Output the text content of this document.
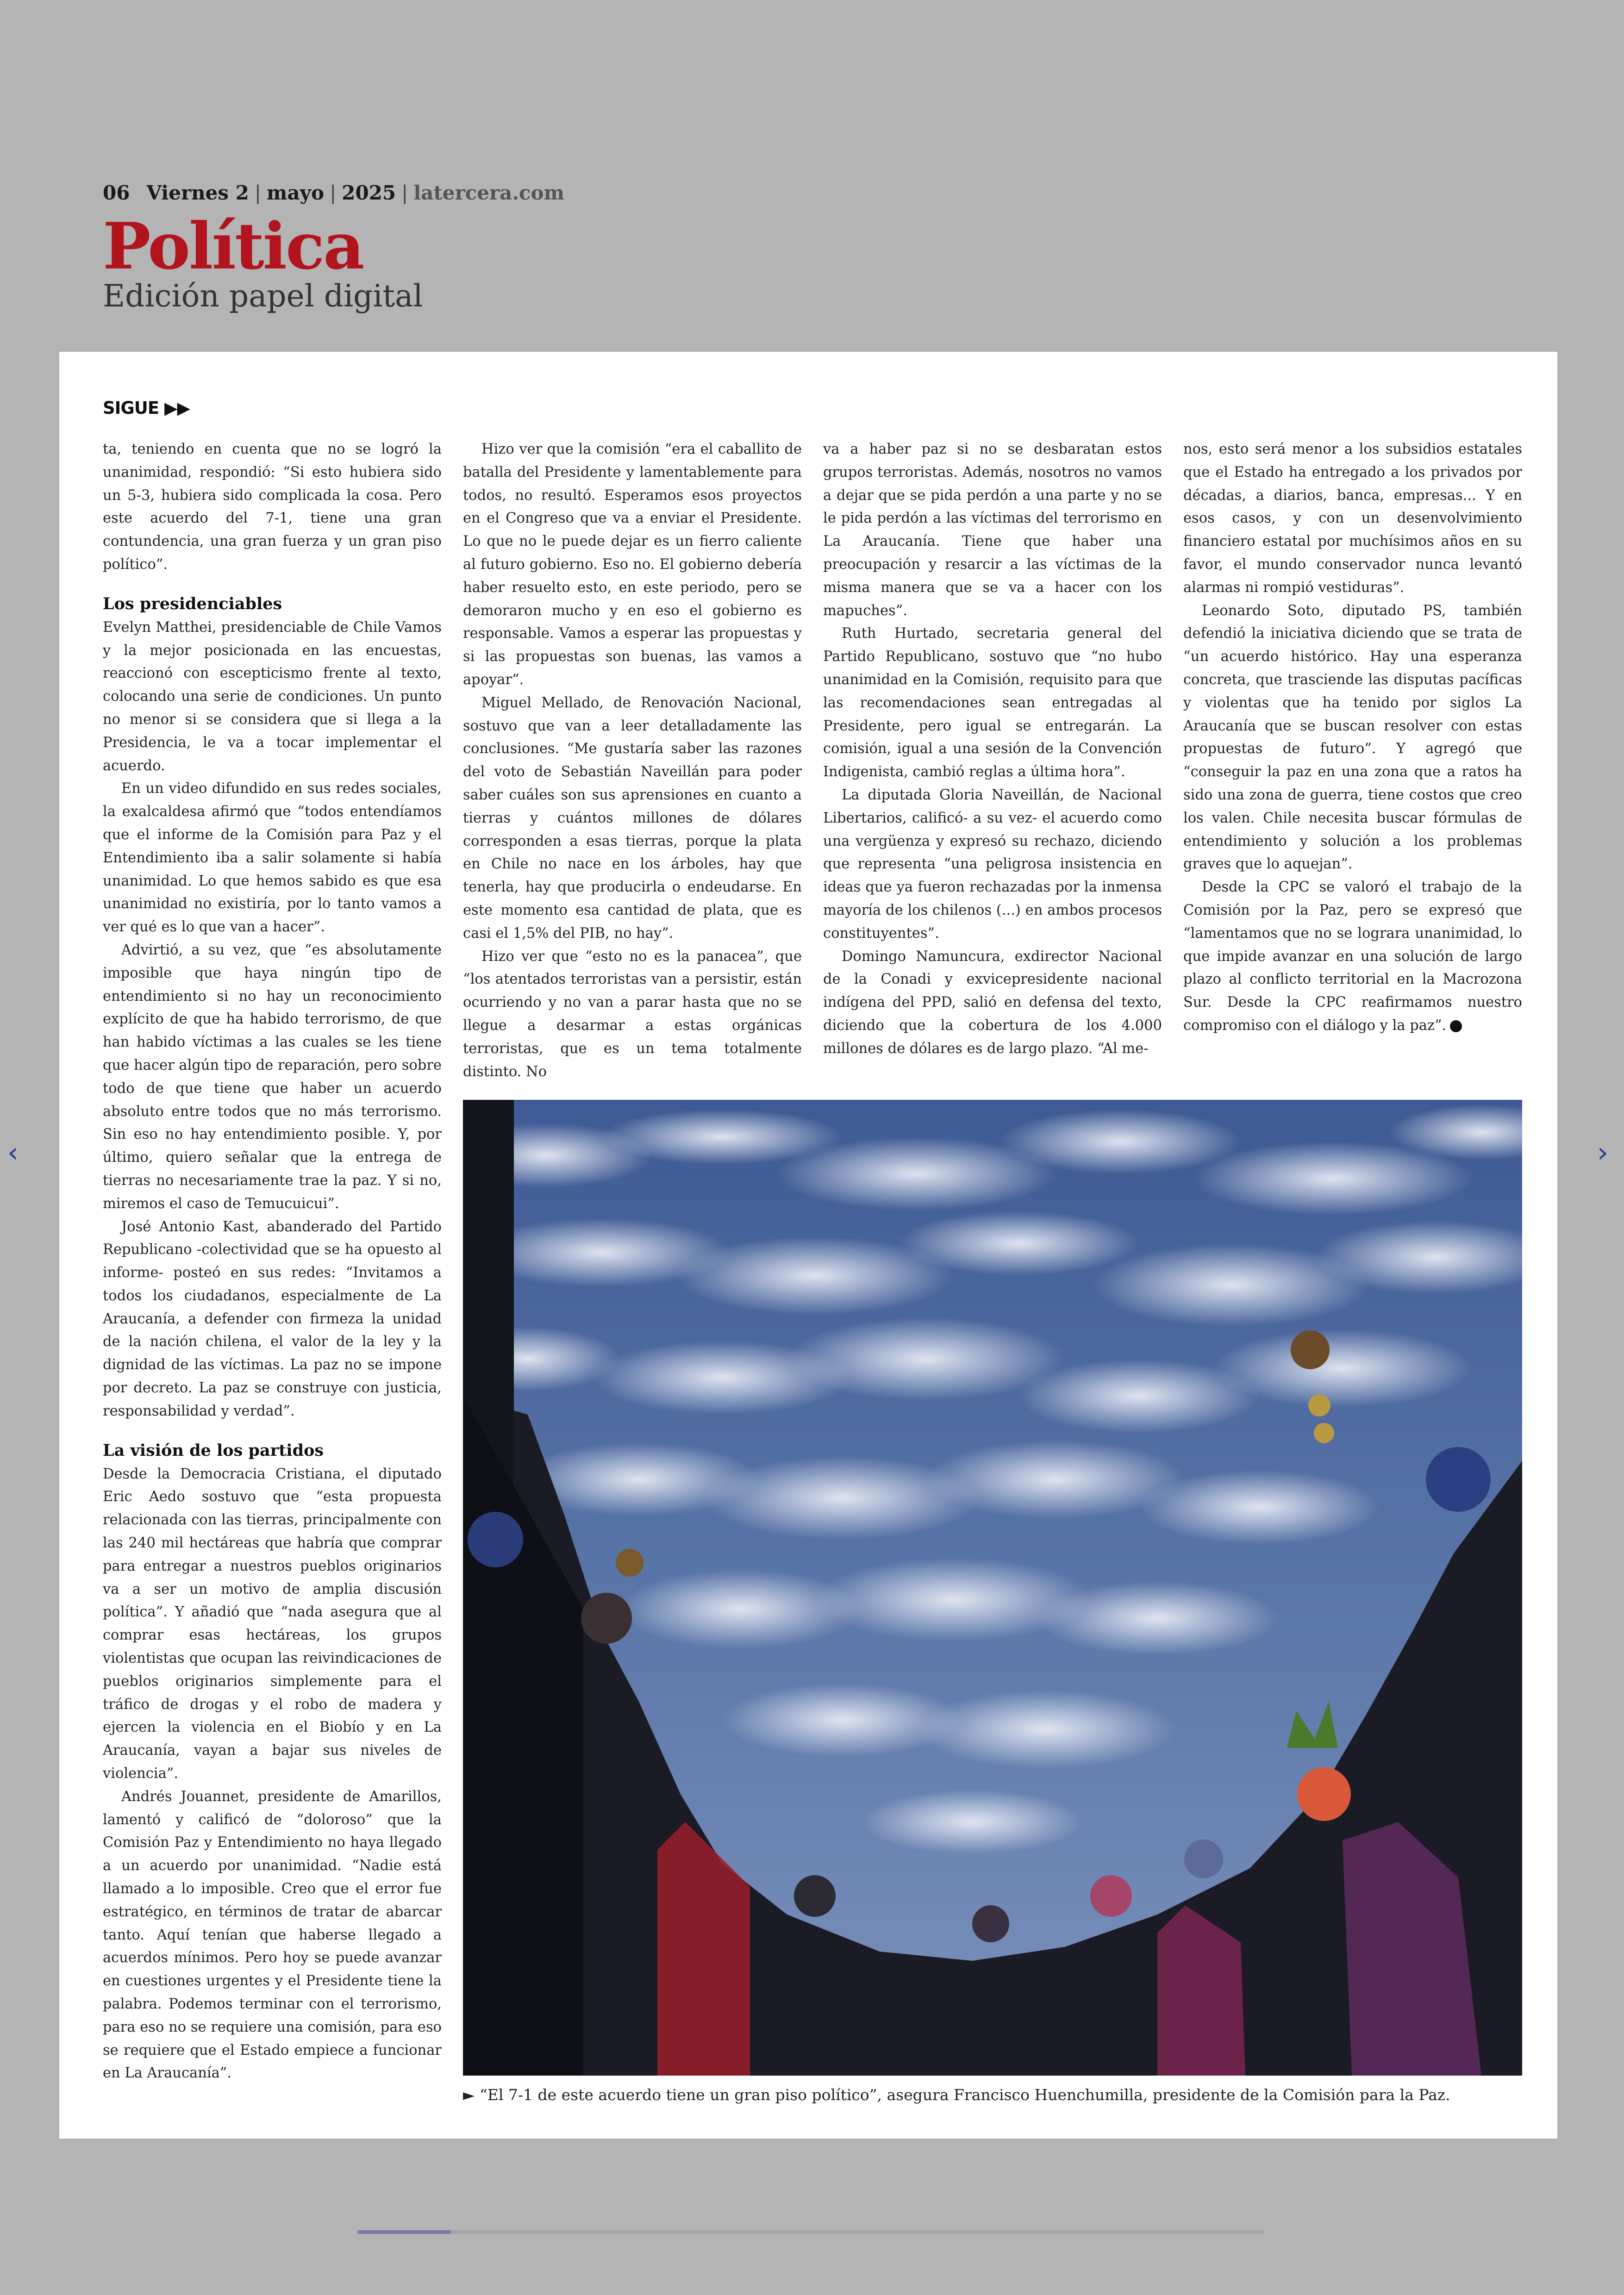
06 Viernes 2 | mayo | 2025 | latercera.com
Política
Edición papel digital
SIGUE ▶▶

ta, teniendo en cuenta que no se logró la unanimidad, respondió: “Si esto hubiera sido un 5-3, hubiera sido complicada la cosa. Pero este acuerdo del 7-1, tiene una gran contundencia, una gran fuerza y un gran piso político”.

Los presidenciables

Evelyn Matthei, presidenciable de Chile Vamos y la mejor posicionada en las encuestas, reaccionó con escepticismo frente al texto, colocando una serie de condiciones. Un punto no menor si se considera que si llega a la Presidencia, le va a tocar implementar el acuerdo.

En un video difundido en sus redes sociales, la exalcaldesa afirmó que “todos entendíamos que el informe de la Comisión para Paz y el Entendimiento iba a salir solamente si había unanimidad. Lo que hemos sabido es que esa unanimidad no existiría, por lo tanto vamos a ver qué es lo que van a hacer”.

Advirtió, a su vez, que “es absolutamente imposible que haya ningún tipo de entendimiento si no hay un reconocimiento explícito de que ha habido terrorismo, de que han habido víctimas a las cuales se les tiene que hacer algún tipo de reparación, pero sobre todo de que tiene que haber un acuerdo absoluto entre todos que no más terrorismo. Sin eso no hay entendimiento posible. Y, por último, quiero señalar que la entrega de tierras no necesariamente trae la paz. Y si no, miremos el caso de Temucuicui”.

José Antonio Kast, abanderado del Partido Republicano -colectividad que se ha opuesto al informe- posteó en sus redes: “Invitamos a todos los ciudadanos, especialmente de La Araucanía, a defender con firmeza la unidad de la nación chilena, el valor de la ley y la dignidad de las víctimas. La paz no se impone por decreto. La paz se construye con justicia, responsabilidad y verdad”.

La visión de los partidos

Desde la Democracia Cristiana, el diputado Eric Aedo sostuvo que “esta propuesta relacionada con las tierras, principalmente con las 240 mil hectáreas que habría que comprar para entregar a nuestros pueblos originarios va a ser un motivo de amplia discusión política”. Y añadió que “nada asegura que al comprar esas hectáreas, los grupos violentistas que ocupan las reivindicaciones de pueblos originarios simplemente para el tráfico de drogas y el robo de madera y ejercen la violencia en el Biobío y en La Araucanía, vayan a bajar sus niveles de violencia”.

Andrés Jouannet, presidente de Amarillos, lamentó y calificó de “doloroso” que la Comisión Paz y Entendimiento no haya llegado a un acuerdo por unanimidad. “Nadie está llamado a lo imposible. Creo que el error fue estratégico, en términos de tratar de abarcar tanto. Aquí tenían que haberse llegado a acuerdos mínimos. Pero hoy se puede avanzar en cuestiones urgentes y el Presidente tiene la palabra. Podemos terminar con el terrorismo, para eso no se requiere una comisión, para eso se requiere que el Estado empiece a funcionar en La Araucanía”.

Hizo ver que la comisión “era el caballito de batalla del Presidente y lamentablemente para todos, no resultó. Esperamos esos proyectos en el Congreso que va a enviar el Presidente. Lo que no le puede dejar es un fierro caliente al futuro gobierno. Eso no. El gobierno debería haber resuelto esto, en este periodo, pero se demoraron mucho y en eso el gobierno es responsable. Vamos a esperar las propuestas y si las propuestas son buenas, las vamos a apoyar”.

Miguel Mellado, de Renovación Nacional, sostuvo que van a leer detalladamente las conclusiones. “Me gustaría saber las razones del voto de Sebastián Naveillán para poder saber cuáles son sus aprensiones en cuanto a tierras y cuántos millones de dólares corresponden a esas tierras, porque la plata en Chile no nace en los árboles, hay que tenerla, hay que producirla o endeudarse. En este momento esa cantidad de plata, que es casi el 1,5% del PIB, no hay”.

Hizo ver que “esto no es la panacea”, que “los atentados terroristas van a persistir, están ocurriendo y no van a parar hasta que no se llegue a desarmar a estas orgánicas terroristas, que es un tema totalmente distinto. No

va a haber paz si no se desbaratan estos grupos terroristas. Además, nosotros no vamos a dejar que se pida perdón a una parte y no se le pida perdón a las víctimas del terrorismo en La Araucanía. Tiene que haber una preocupación y resarcir a las víctimas de la misma manera que se va a hacer con los mapuches”.

Ruth Hurtado, secretaria general del Partido Republicano, sostuvo que “no hubo unanimidad en la Comisión, requisito para que las recomendaciones sean entregadas al Presidente, pero igual se entregarán. La comisión, igual a una sesión de la Convención Indigenista, cambió reglas a última hora”.

La diputada Gloria Naveillán, de Nacional Libertarios, calificó- a su vez- el acuerdo como una vergüenza y expresó su rechazo, diciendo que representa “una peligrosa insistencia en ideas que ya fueron rechazadas por la inmensa mayoría de los chilenos (...) en ambos procesos constituyentes”.

Domingo Namuncura, exdirector Nacional de la Conadi y exvicepresidente nacional indígena del PPD, salió en defensa del texto, diciendo que la cobertura de los 4.000 millones de dólares es de largo plazo. “Al me-

nos, esto será menor a los subsidios estatales que el Estado ha entregado a los privados por décadas, a diarios, banca, empresas... Y en esos casos, y con un desenvolvimiento financiero estatal por muchísimos años en su favor, el mundo conservador nunca levantó alarmas ni rompió vestiduras”.

Leonardo Soto, diputado PS, también defendió la iniciativa diciendo que se trata de “un acuerdo histórico. Hay una esperanza concreta, que trasciende las disputas pacíficas y violentas que ha tenido por siglos La Araucanía que se buscan resolver con estas propuestas de futuro”. Y agregó que “conseguir la paz en una zona que a ratos ha sido una zona de guerra, tiene costos que creo los valen. Chile necesita buscar fórmulas de entendimiento y solución a los problemas graves que lo aquejan”.

Desde la CPC se valoró el trabajo de la Comisión por la Paz, pero se expresó que “lamentamos que no se lograra unanimidad, lo que impide avanzar en una solución de largo plazo al conflicto territorial en la Macrozona Sur. Desde la CPC reafirmamos nuestro compromiso con el diálogo y la paz”.

► “El 7-1 de este acuerdo tiene un gran piso político”, asegura Francisco Huenchumilla, presidente de la Comisión para la Paz.
‹	›
